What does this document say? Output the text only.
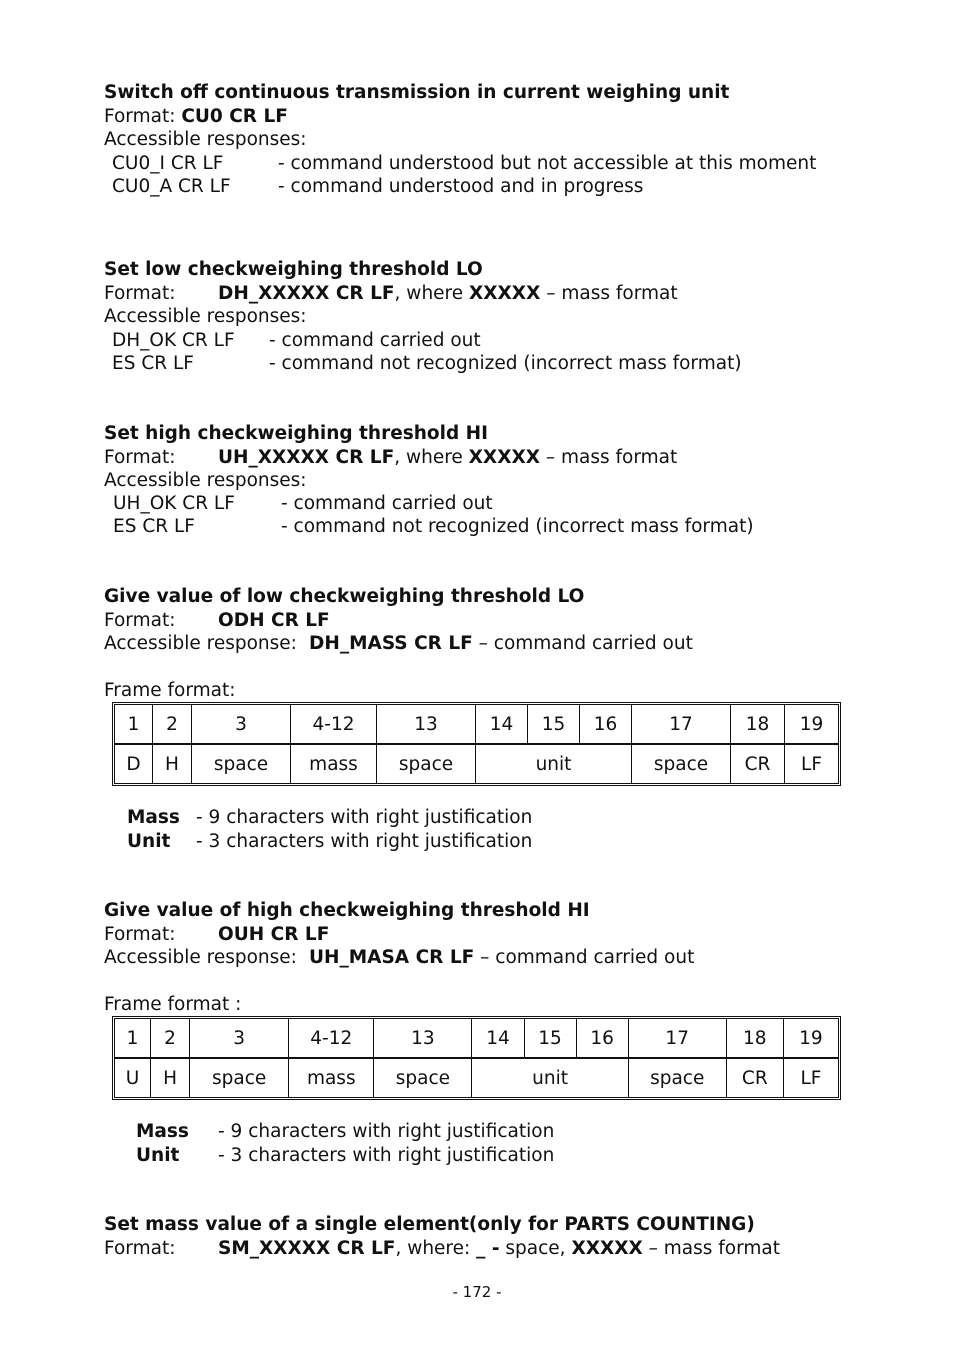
Switch off continuous transmission in current weighing unit
Format: CU0 CR LF
Accessible responses:
CU0_I CR LF	- command understood but not accessible at this moment
CU0_A CR LF	- command understood and in progress
Set low checkweighing threshold LO
Format: DH_XXXXX CR LF, where XXXXX – mass format
Accessible responses:
DH_OK CR LF - command carried out
ES CR LF	- command not recognized (incorrect mass format)
Set high checkweighing threshold HI
Format: UH_XXXXX CR LF, where XXXXX – mass format
Accessible responses:
UH_OK CR LF - command carried out
ES CR LF	- command not recognized (incorrect mass format)
Give value of low checkweighing threshold LO
Format: ODH CR LF
Accessible response: DH_MASS CR LF – command carried out
Frame format:
1	2	3	4-12	13	14	15	16	17	18	19
D	H	space	mass	space	unit			space	CR	LF
Mass - 9 characters with right justification
Unit - 3 characters with right justification
Give value of high checkweighing threshold HI
Format: OUH CR LF
Accessible response: UH_MASA CR LF – command carried out
Frame format :
1	2	3	4-12	13	14	15	16	17	18	19
U	H	space	mass	space	unit			space	CR	LF
Mass - 9 characters with right justification
Unit - 3 characters with right justification
Set mass value of a single element(only for PARTS COUNTING)
Format: SM_XXXXX CR LF, where: _ - space, XXXXX – mass format
- 172 -
